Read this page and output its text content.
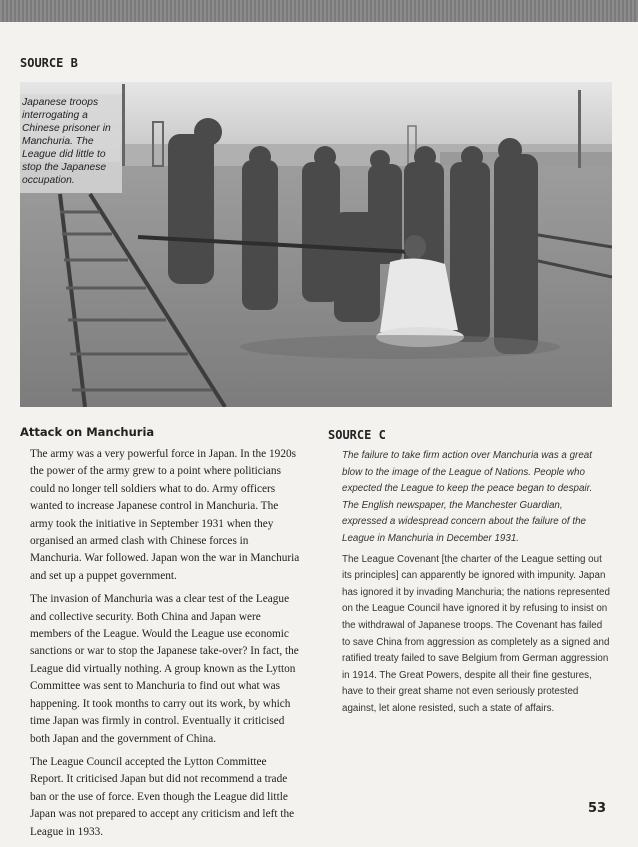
SOURCE B
Japanese troops interrogating a Chinese prisoner in Manchuria. The League did little to stop the Japanese occupation.
Attack on Manchuria

The army was a very powerful force in Japan. In the 1920s the power of the army grew to a point where politicians could no longer tell soldiers what to do. Army officers wanted to increase Japanese control in Manchuria. The army took the initiative in September 1931 when they organised an armed clash with Chinese forces in Manchuria. War followed. Japan won the war in Manchuria and set up a puppet government.

The invasion of Manchuria was a clear test of the League and collective security. Both China and Japan were members of the League. Would the League use economic sanctions or war to stop the Japanese take-over? In fact, the League did virtually nothing. A group known as the Lytton Committee was sent to Manchuria to find out what was happening. It took months to carry out its work, by which time Japan was firmly in control. Eventually it criticised both Japan and the government of China.

The League Council accepted the Lytton Committee Report. It criticised Japan but did not recommend a trade ban or the use of force. Even though the League did little Japan was not prepared to accept any criticism and left the League in 1933.

SOURCE C

The failure to take firm action over Manchuria was a great blow to the image of the League of Nations. People who expected the League to keep the peace began to despair. The English newspaper, the Manchester Guardian, expressed a widespread concern about the failure of the League in Manchuria in December 1931.

The League Covenant [the charter of the League setting out its principles] can apparently be ignored with impunity. Japan has ignored it by invading Manchuria; the nations represented on the League Council have ignored it by refusing to insist on the withdrawal of Japanese troops. The Covenant has failed to save China from aggression as completely as a signed and ratified treaty failed to save Belgium from German aggression in 1914. The Great Powers, despite all their fine gestures, have to their great shame not even seriously protested against, let alone resisted, such a state of affairs.

53
